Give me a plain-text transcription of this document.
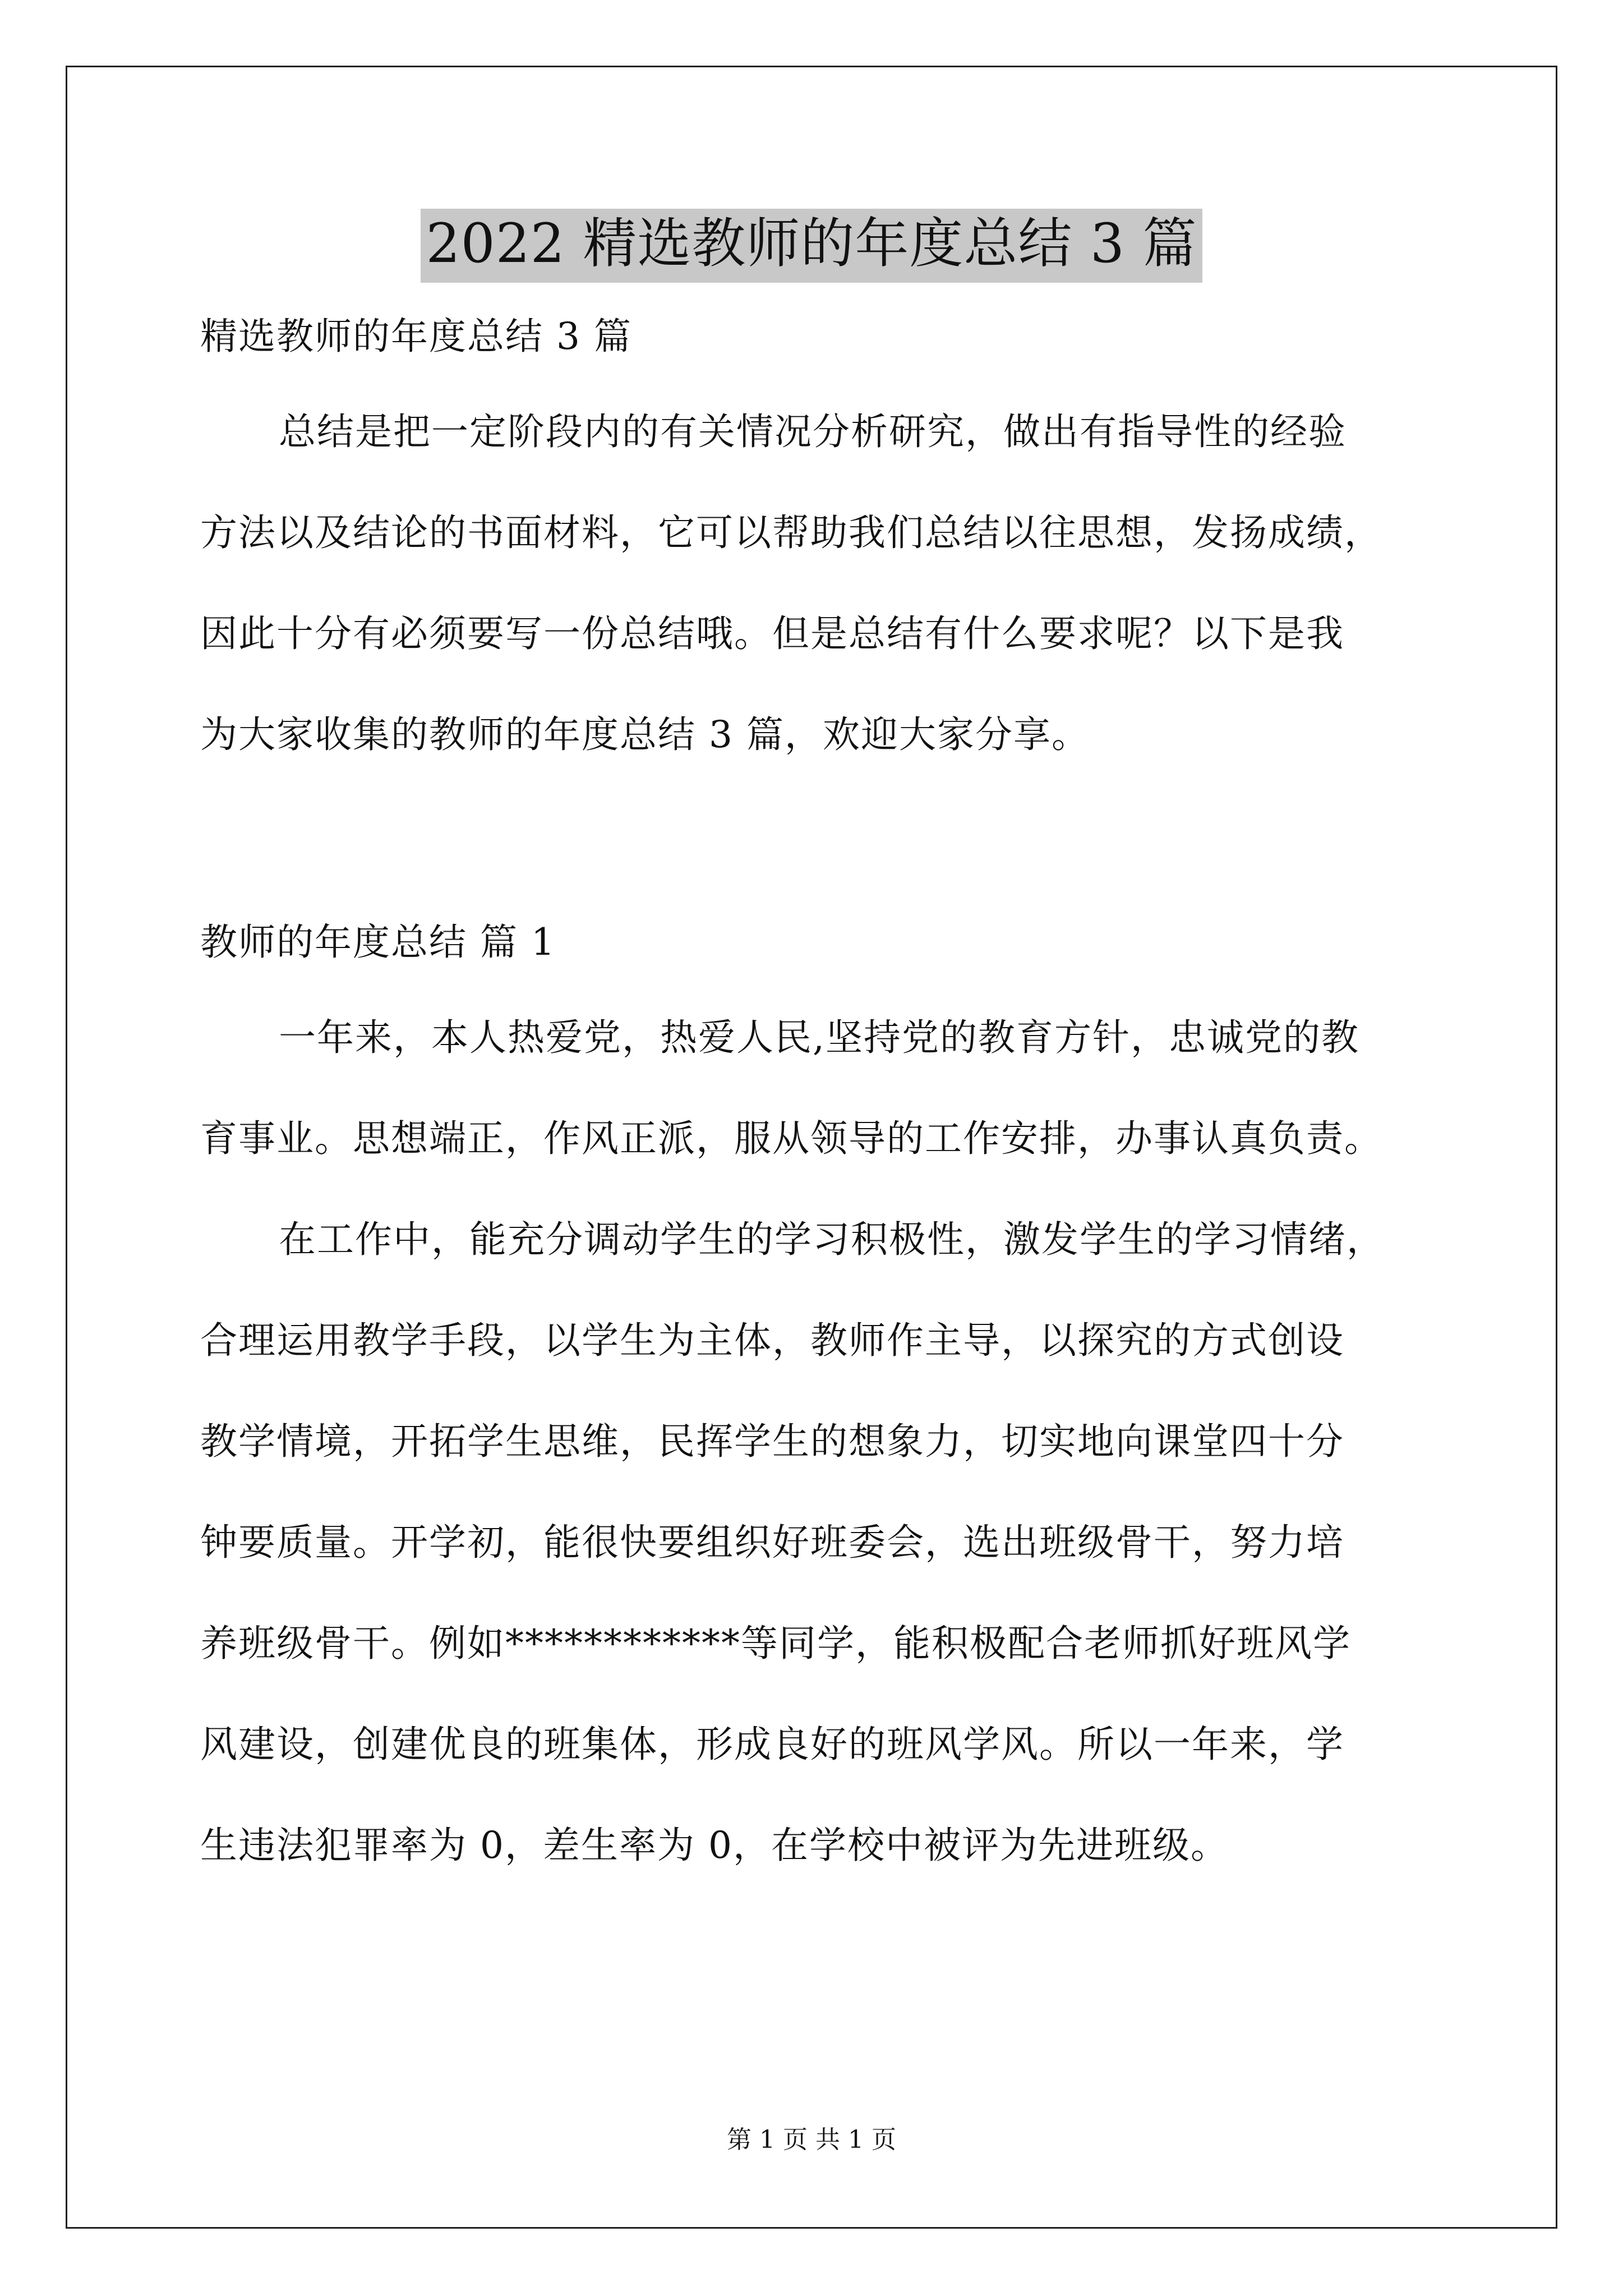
2022 精选教师的年度总结 3 篇
精选教师的年度总结 3 篇
总结是把一定阶段内的有关情况分析研究，做出有指导性的经验
方法以及结论的书面材料，它可以帮助我们总结以往思想，发扬成绩，
因此十分有必须要写一份总结哦。但是总结有什么要求呢？以下是我
为大家收集的教师的年度总结 3 篇，欢迎大家分享。
教师的年度总结 篇 1
一年来，本人热爱党，热爱人民,坚持党的教育方针，忠诚党的教
育事业。思想端正，作风正派，服从领导的工作安排，办事认真负责。
在工作中，能充分调动学生的学习积极性，激发学生的学习情绪，
合理运用教学手段，以学生为主体，教师作主导，以探究的方式创设
教学情境，开拓学生思维，民挥学生的想象力，切实地向课堂四十分
钟要质量。开学初，能很快要组织好班委会，选出班级骨干，努力培
养班级骨干。例如************等同学，能积极配合老师抓好班风学
风建设，创建优良的班集体，形成良好的班风学风。所以一年来，学
生违法犯罪率为 0，差生率为 0，在学校中被评为先进班级。
第 1 页 共 1 页
